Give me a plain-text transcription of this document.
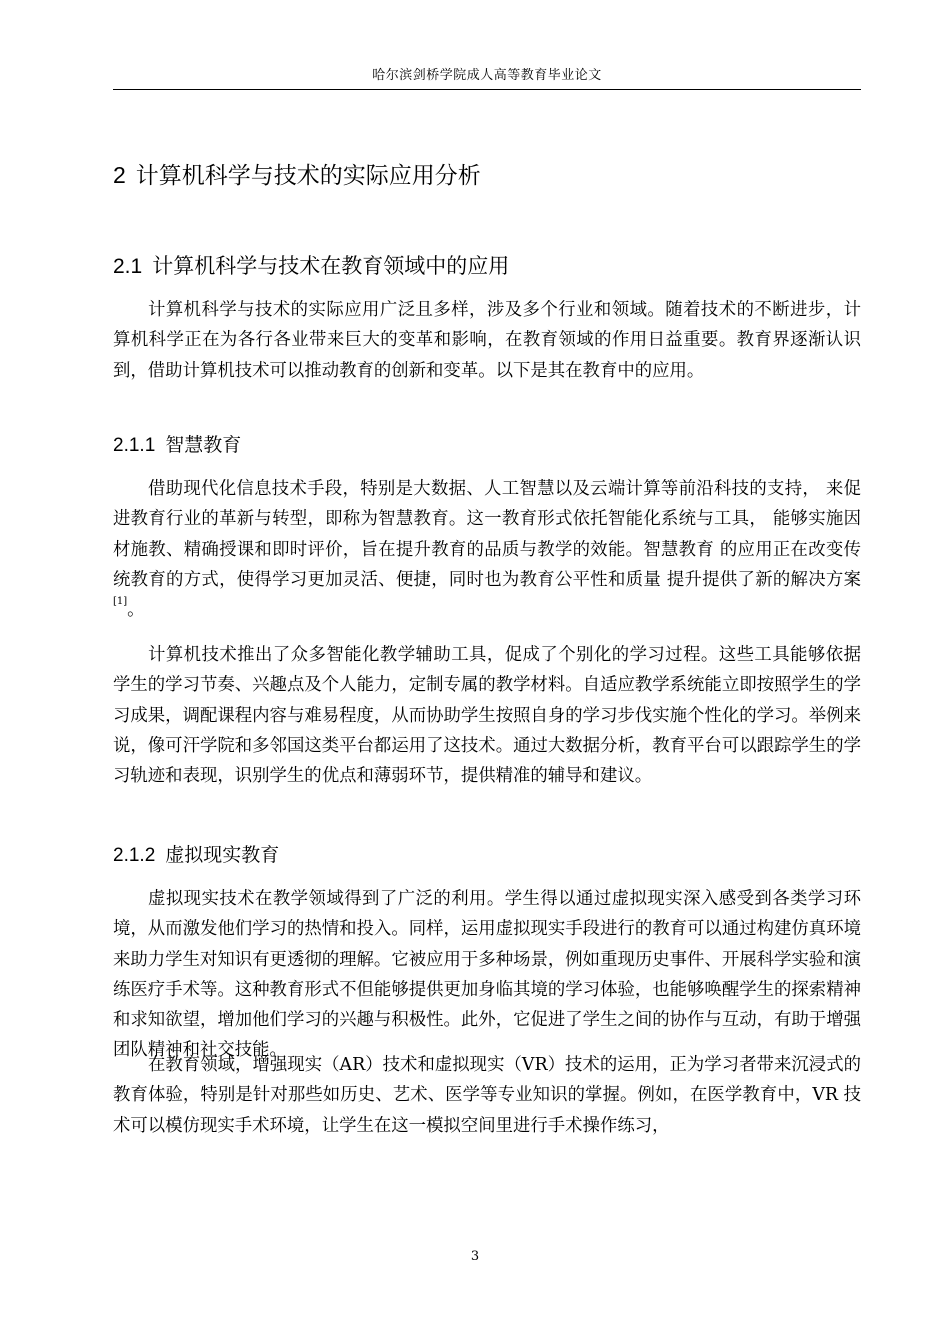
哈尔滨剑桥学院成人高等教育毕业论文
2 计算机科学与技术的实际应用分析
2.1 计算机科学与技术在教育领域中的应用

计算机科学与技术的实际应用广泛且多样，涉及多个行业和领域。随着技术的不断进步，计算机科学正在为各行各业带来巨大的变革和影响，在教育领域的作用日益重要。教育界逐渐认识到，借助计算机技术可以推动教育的创新和变革。以下是其在教育中的应用。

2.1.1 智慧教育

借助现代化信息技术手段，特别是大数据、人工智慧以及云端计算等前沿科技的支持， 来促进教育行业的革新与转型，即称为智慧教育。这一教育形式依托智能化系统与工具， 能够实施因材施教、精确授课和即时评价，旨在提升教育的品质与教学的效能。智慧教育 的应用正在改变传统教育的方式，使得学习更加灵活、便捷，同时也为教育公平性和质量 提升提供了新的解决方案[1]。

计算机技术推出了众多智能化教学辅助工具，促成了个别化的学习过程。这些工具能够依据学生的学习节奏、兴趣点及个人能力，定制专属的教学材料。自适应教学系统能立即按照学生的学习成果，调配课程内容与难易程度，从而协助学生按照自身的学习步伐实施个性化的学习。举例来说，像可汗学院和多邻国这类平台都运用了这技术。通过大数据分析，教育平台可以跟踪学生的学习轨迹和表现，识别学生的优点和薄弱环节，提供精准的辅导和建议。

2.1.2 虚拟现实教育

虚拟现实技术在教学领域得到了广泛的利用。学生得以通过虚拟现实深入感受到各类学习环境，从而激发他们学习的热情和投入。同样，运用虚拟现实手段进行的教育可以通过构建仿真环境来助力学生对知识有更透彻的理解。它被应用于多种场景，例如重现历史事件、开展科学实验和演练医疗手术等。这种教育形式不但能够提供更加身临其境的学习体验，也能够唤醒学生的探索精神和求知欲望，增加他们学习的兴趣与积极性。此外，它促进了学生之间的协作与互动，有助于增强团队精神和社交技能。

在教育领域，增强现实（AR）技术和虚拟现实（VR）技术的运用，正为学习者带来沉浸式的教育体验，特别是针对那些如历史、艺术、医学等专业知识的掌握。例如，在医学教育中，VR 技术可以模仿现实手术环境，让学生在这一模拟空间里进行手术操作练习，

3
